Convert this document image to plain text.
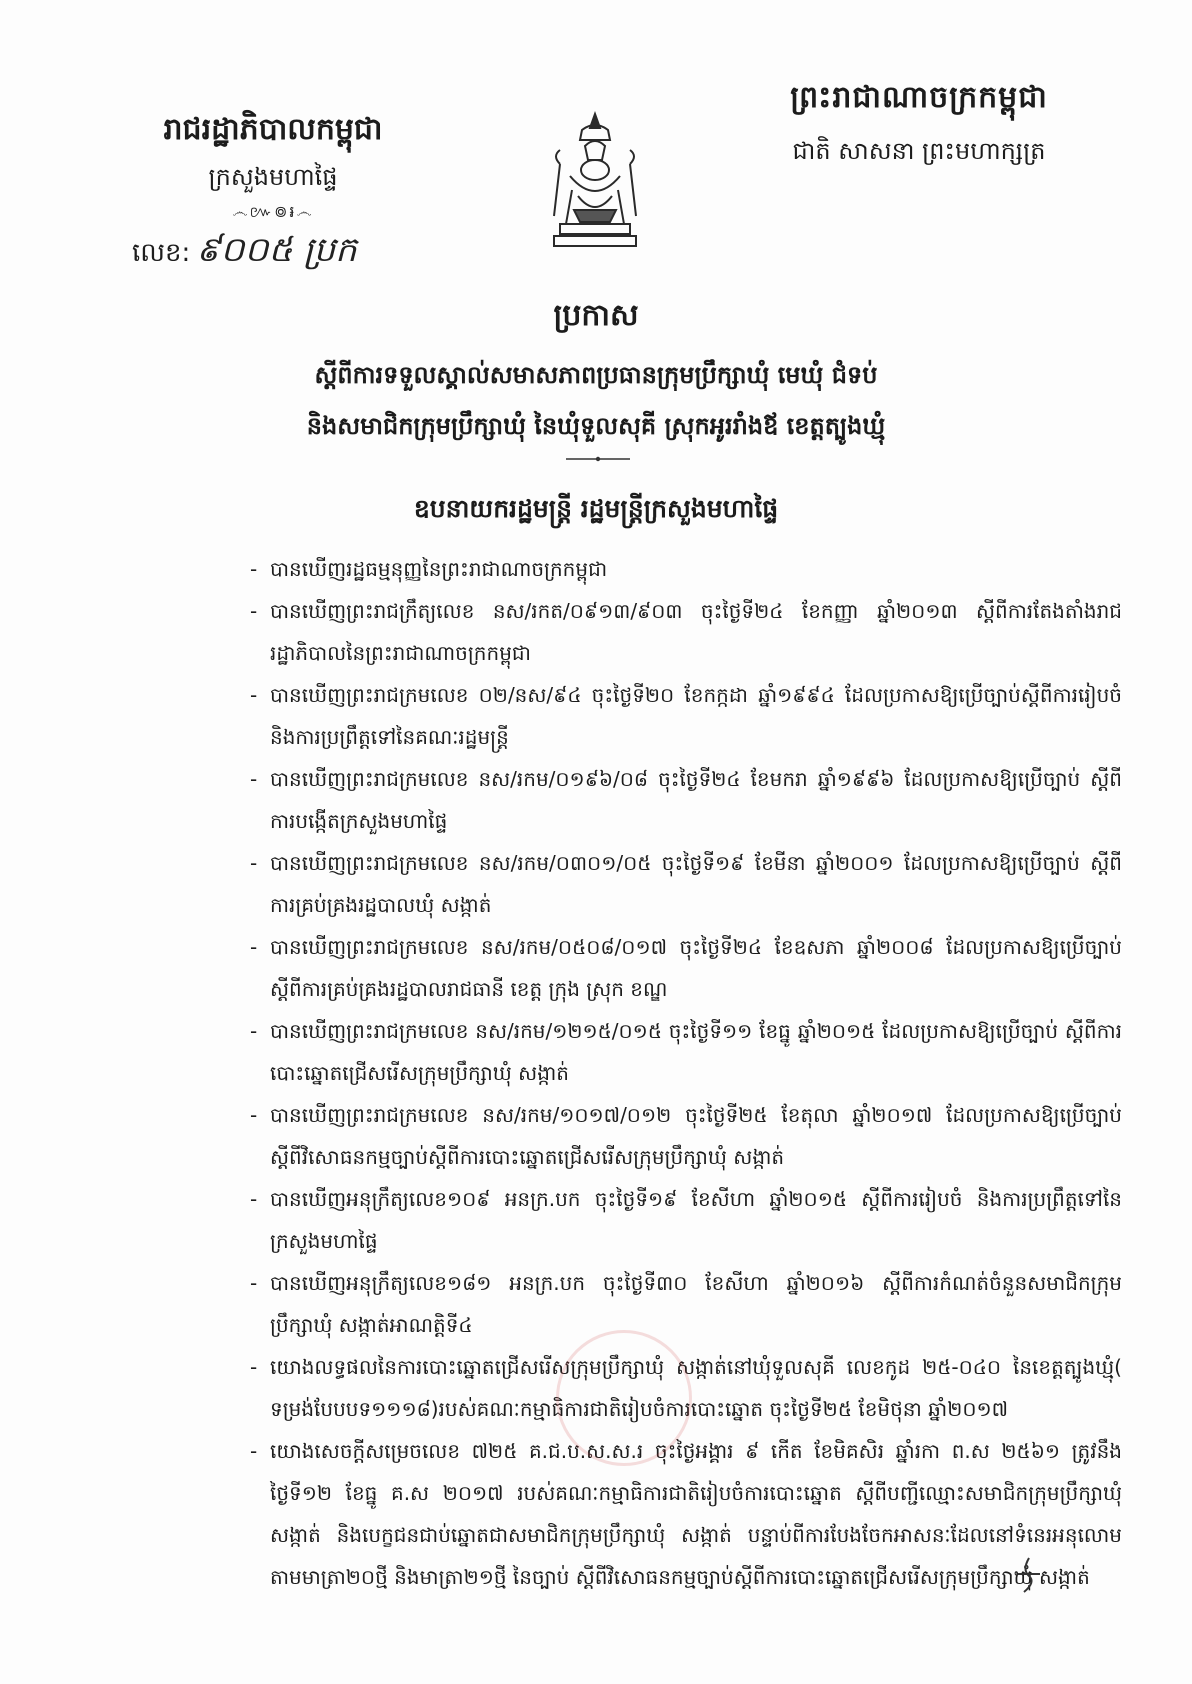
ព្រះរាជាណាចក្រកម្ពុជា
ជាតិ សាសនា ព្រះមហាក្សត្រ
រាជរដ្ឋាភិបាលកម្ពុជា
ក្រសួងមហាផ្ទៃ
෴៚៙៛෴
លេខ: ៩០០៥ ប្រក
ប្រកាស
ស្ដីពីការទទួលស្គាល់សមាសភាពប្រធានក្រុមប្រឹក្សាឃុំ មេឃុំ ជំទប់
និងសមាជិកក្រុមប្រឹក្សាឃុំ នៃឃុំទួលសុគី ស្រុកអូររាំងឪ ខេត្តត្បូងឃ្មុំ
ឧបនាយករដ្ឋមន្ត្រី រដ្ឋមន្ត្រីក្រសួងមហាផ្ទៃ
- បានឃើញរដ្ឋធម្មនុញ្ញនៃព្រះរាជាណាចក្រកម្ពុជា
- បានឃើញព្រះរាជក្រឹត្យលេខ នស/រកត/០៩១៣/៩០៣ ចុះថ្ងៃទី២៤ ខែកញ្ញា ឆ្នាំ២០១៣ ស្ដីពីការតែងតាំងរាជរដ្ឋាភិបាលនៃព្រះរាជាណាចក្រកម្ពុជា
- បានឃើញព្រះរាជក្រមលេខ ០២/នស/៩៤ ចុះថ្ងៃទី២០ ខែកក្កដា ឆ្នាំ១៩៩៤ ដែលប្រកាសឱ្យប្រើច្បាប់ស្ដីពីការរៀបចំ និងការប្រព្រឹត្តទៅនៃគណៈរដ្ឋមន្ត្រី
- បានឃើញព្រះរាជក្រមលេខ នស/រកម/០១៩៦/០៨ ចុះថ្ងៃទី២៤ ខែមករា ឆ្នាំ១៩៩៦ ដែលប្រកាសឱ្យប្រើច្បាប់ ស្ដីពីការបង្កើតក្រសួងមហាផ្ទៃ
- បានឃើញព្រះរាជក្រមលេខ នស/រកម/០៣០១/០៥ ចុះថ្ងៃទី១៩ ខែមីនា ឆ្នាំ២០០១ ដែលប្រកាសឱ្យប្រើច្បាប់ ស្ដីពីការគ្រប់គ្រងរដ្ឋបាលឃុំ សង្កាត់
- បានឃើញព្រះរាជក្រមលេខ នស/រកម/០៥០៨/០១៧ ចុះថ្ងៃទី២៤ ខែឧសភា ឆ្នាំ២០០៨ ដែលប្រកាសឱ្យប្រើច្បាប់ ស្ដីពីការគ្រប់គ្រងរដ្ឋបាលរាជធានី ខេត្ត ក្រុង ស្រុក ខណ្ឌ
- បានឃើញព្រះរាជក្រមលេខ នស/រកម/១២១៥/០១៥ ចុះថ្ងៃទី១១ ខែធ្នូ ឆ្នាំ២០១៥ ដែលប្រកាសឱ្យប្រើច្បាប់ ស្ដីពីការបោះឆ្នោតជ្រើសរើសក្រុមប្រឹក្សាឃុំ សង្កាត់
- បានឃើញព្រះរាជក្រមលេខ នស/រកម/១០១៧/០១២ ចុះថ្ងៃទី២៥ ខែតុលា ឆ្នាំ២០១៧ ដែលប្រកាសឱ្យប្រើច្បាប់ ស្ដីពីវិសោធនកម្មច្បាប់ស្ដីពីការបោះឆ្នោតជ្រើសរើសក្រុមប្រឹក្សាឃុំ សង្កាត់
- បានឃើញអនុក្រឹត្យលេខ១០៩ អនក្រ.បក ចុះថ្ងៃទី១៩ ខែសីហា ឆ្នាំ២០១៥ ស្ដីពីការរៀបចំ និងការប្រព្រឹត្តទៅនៃក្រសួងមហាផ្ទៃ
- បានឃើញអនុក្រឹត្យលេខ១៨១ អនក្រ.បក ចុះថ្ងៃទី៣០ ខែសីហា ឆ្នាំ២០១៦ ស្ដីពីការកំណត់ចំនួនសមាជិកក្រុមប្រឹក្សាឃុំ សង្កាត់អាណត្តិទី៤
- យោងលទ្ធផលនៃការបោះឆ្នោតជ្រើសរើសក្រុមប្រឹក្សាឃុំ សង្កាត់នៅឃុំទួលសុគី លេខកូដ ២៥-០៤០ នៃខេត្តត្បូងឃ្មុំ( ទម្រង់បែបបទ១១១៨)របស់គណៈកម្មាធិការជាតិរៀបចំការបោះឆ្នោត ចុះថ្ងៃទី២៥ ខែមិថុនា ឆ្នាំ២០១៧
- យោងសេចក្ដីសម្រេចលេខ ៧២៥ គ.ជ.ប.ស.ស.រ ចុះថ្ងៃអង្គារ ៩ កើត ខែមិគសិរ ឆ្នាំរកា ព.ស ២៥៦១ ត្រូវនឹងថ្ងៃទី១២ ខែធ្នូ គ.ស ២០១៧ របស់គណៈកម្មាធិការជាតិរៀបចំការបោះឆ្នោត ស្ដីពីបញ្ជីឈ្មោះសមាជិកក្រុមប្រឹក្សាឃុំ សង្កាត់ និងបេក្ខជនជាប់ឆ្នោតជាសមាជិកក្រុមប្រឹក្សាឃុំ សង្កាត់ បន្ទាប់ពីការបែងចែកអាសនៈដែលនៅទំនេរអនុលោមតាមមាត្រា២០ថ្មី និងមាត្រា២១ថ្មី នៃច្បាប់ ស្ដីពីវិសោធនកម្មច្បាប់ស្ដីពីការបោះឆ្នោតជ្រើសរើសក្រុមប្រឹក្សាឃុំ សង្កាត់
